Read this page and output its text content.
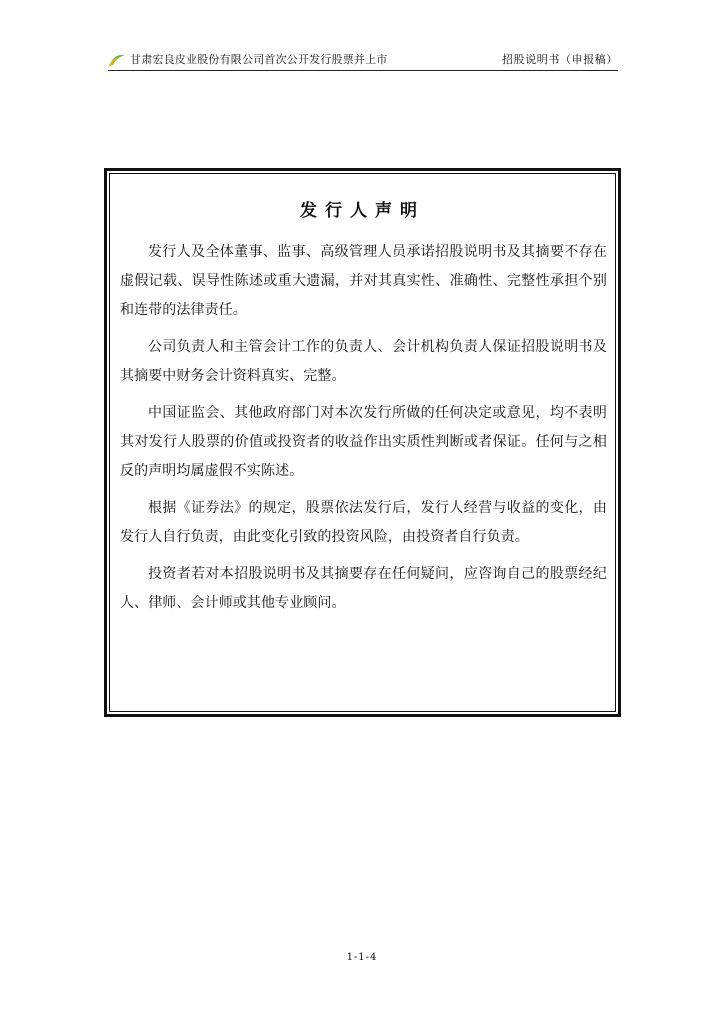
甘肃宏良皮业股份有限公司首次公开发行股票并上市	招股说明书（申报稿）
发行人声明

发行人及全体董事、监事、高级管理人员承诺招股说明书及其摘要不存在虚假记载、误导性陈述或重大遗漏，并对其真实性、准确性、完整性承担个别和连带的法律责任。

公司负责人和主管会计工作的负责人、会计机构负责人保证招股说明书及其摘要中财务会计资料真实、完整。

中国证监会、其他政府部门对本次发行所做的任何决定或意见，均不表明其对发行人股票的价值或投资者的收益作出实质性判断或者保证。任何与之相反的声明均属虚假不实陈述。

根据《证券法》的规定，股票依法发行后，发行人经营与收益的变化，由发行人自行负责，由此变化引致的投资风险，由投资者自行负责。

投资者若对本招股说明书及其摘要存在任何疑问，应咨询自己的股票经纪人、律师、会计师或其他专业顾问。

1-1-4
